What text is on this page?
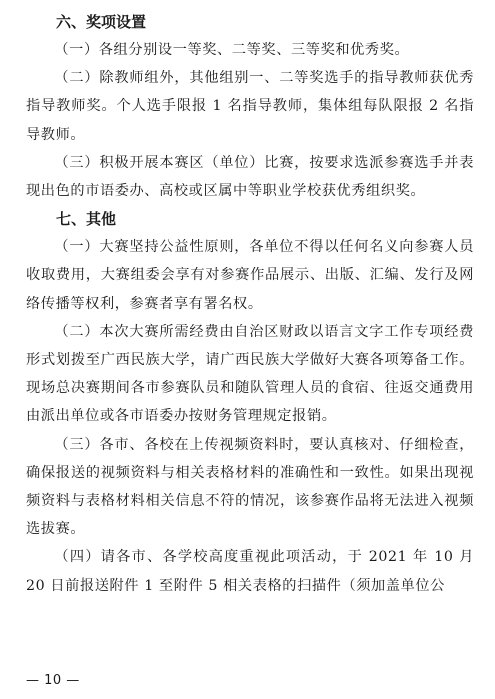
六、奖项设置

（一）各组分别设一等奖、二等奖、三等奖和优秀奖。

（二）除教师组外，其他组别一、二等奖选手的指导教师获优秀指导教师奖。个人选手限报 1 名指导教师，集体组每队限报 2 名指导教师。

（三）积极开展本赛区（单位）比赛，按要求选派参赛选手并表现出色的市语委办、高校或区属中等职业学校获优秀组织奖。

七、其他

（一）大赛坚持公益性原则，各单位不得以任何名义向参赛人员收取费用，大赛组委会享有对参赛作品展示、出版、汇编、发行及网络传播等权利，参赛者享有署名权。

（二）本次大赛所需经费由自治区财政以语言文字工作专项经费形式划拨至广西民族大学，请广西民族大学做好大赛各项筹备工作。现场总决赛期间各市参赛队员和随队管理人员的食宿、往返交通费用由派出单位或各市语委办按财务管理规定报销。

（三）各市、各校在上传视频资料时，要认真核对、仔细检查，确保报送的视频资料与相关表格材料的准确性和一致性。如果出现视频资料与表格材料相关信息不符的情况，该参赛作品将无法进入视频选拔赛。

（四）请各市、各学校高度重视此项活动，于 2021 年 10 月 20 日前报送附件 1 至附件 5 相关表格的扫描件（须加盖单位公

— 10 —
